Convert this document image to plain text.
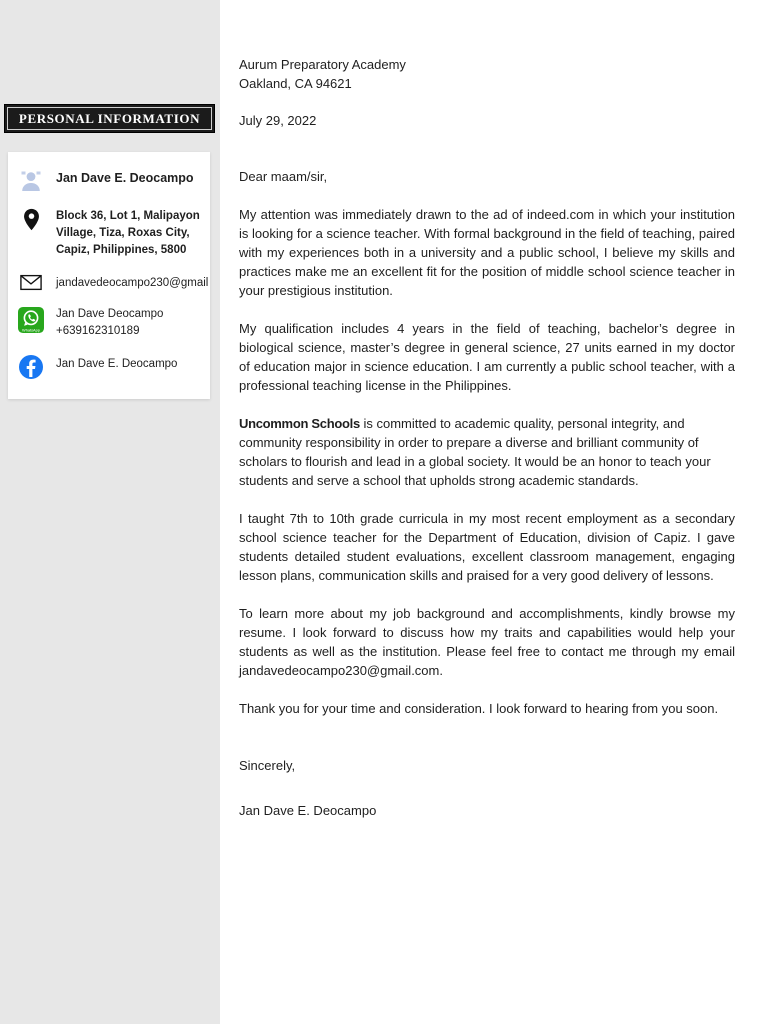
PERSONAL INFORMATION
Jan Dave E. Deocampo
Block 36, Lot 1, Malipayon
Village, Tiza, Roxas City,
Capiz, Philippines, 5800
jandavedeocampo230@gmail
WhatsApp
Jan Dave Deocampo
+639162310189
Jan Dave E. Deocampo
Aurum Preparatory Academy
Oakland, CA 94621
July 29, 2022
Dear maam/sir,

My attention was immediately drawn to the ad of indeed.com in which your institution is looking for a science teacher. With formal background in the field of teaching, paired with my experiences both in a university and a public school, I believe my skills and practices make me an excellent fit for the position of middle school science teacher in your prestigious institution.

My qualification includes 4 years in the field of teaching, bachelor’s degree in biological science, master’s degree in general science, 27 units earned in my doctor of education major in science education. I am currently a public school teacher, with a professional teaching license in the Philippines.

Uncommon Schools is committed to academic quality, personal integrity, and community responsibility in order to prepare a diverse and brilliant community of scholars to flourish and lead in a global society. It would be an honor to teach your students and serve a school that upholds strong academic standards.

I taught 7th to 10th grade curricula in my most recent employment as a secondary school science teacher for the Department of Education, division of Capiz. I gave students detailed student evaluations, excellent classroom management, engaging lesson plans, communication skills and praised for a very good delivery of lessons.

To learn more about my job background and accomplishments, kindly browse my resume. I look forward to discuss how my traits and capabilities would help your students as well as the institution. Please feel free to contact me through my email jandavedeocampo230@gmail.com.

Thank you for your time and consideration. I look forward to hearing from you soon.

Sincerely,
Jan Dave E. Deocampo
